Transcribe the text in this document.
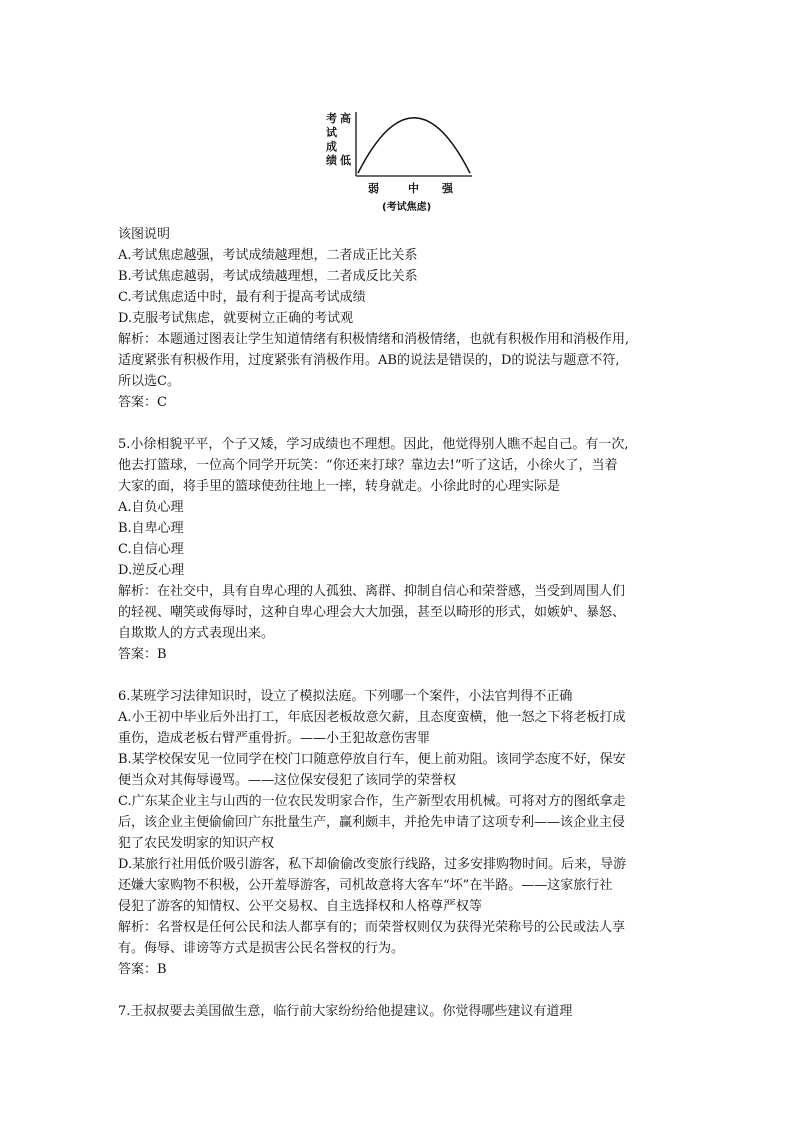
考
试
成
绩
高
低
弱	中 强
(考试焦虑)
该图说明
A.考试焦虑越强，考试成绩越理想，二者成正比关系
B.考试焦虑越弱，考试成绩越理想，二者成反比关系
C.考试焦虑适中时，最有利于提高考试成绩
D.克服考试焦虑，就要树立正确的考试观
解析：本题通过图表让学生知道情绪有积极情绪和消极情绪，也就有积极作用和消极作用,
适度紧张有积极作用，过度紧张有消极作用。AB的说法是错误的，D的说法与题意不符,
所以选C。
答案：C
5.小徐相貌平平，个子又矮，学习成绩也不理想。因此，他觉得别人瞧不起自己。有一次,
他去打篮球，一位高个同学开玩笑：“你还来打球？靠边去!”听了这话，小徐火了，当着
大家的面，将手里的篮球使劲往地上一摔，转身就走。小徐此时的心理实际是
A.自负心理
B.自卑心理
C.自信心理
D.逆反心理
解析：在社交中，具有自卑心理的人孤独、离群、抑制自信心和荣誉感，当受到周围人们
的轻视、嘲笑或侮辱时，这种自卑心理会大大加强，甚至以畸形的形式，如嫉妒、暴怒、
自欺欺人的方式表现出来。
答案：B
6.某班学习法律知识时，设立了模拟法庭。下列哪一个案件，小法官判得不正确
A.小王初中毕业后外出打工，年底因老板故意欠薪，且态度蛮横，他一怒之下将老板打成
重伤，造成老板右臂严重骨折。——小王犯故意伤害罪
B.某学校保安见一位同学在校门口随意停放自行车，便上前劝阻。该同学态度不好，保安
便当众对其侮辱谩骂。——这位保安侵犯了该同学的荣誉权
C.广东某企业主与山西的一位农民发明家合作，生产新型农用机械。可将对方的图纸拿走
后，该企业主便偷偷回广东批量生产，赢利颇丰，并抢先申请了这项专利——该企业主侵
犯了农民发明家的知识产权
D.某旅行社用低价吸引游客，私下却偷偷改变旅行线路，过多安排购物时间。后来，导游
还嫌大家购物不积极，公开羞辱游客，司机故意将大客车“坏”在半路。——这家旅行社
侵犯了游客的知情权、公平交易权、自主选择权和人格尊严权等
解析：名誉权是任何公民和法人都享有的；而荣誉权则仅为获得光荣称号的公民或法人享
有。侮辱、诽谤等方式是损害公民名誉权的行为。
答案：B
7.王叔叔要去美国做生意，临行前大家纷纷给他提建议。你觉得哪些建议有道理
